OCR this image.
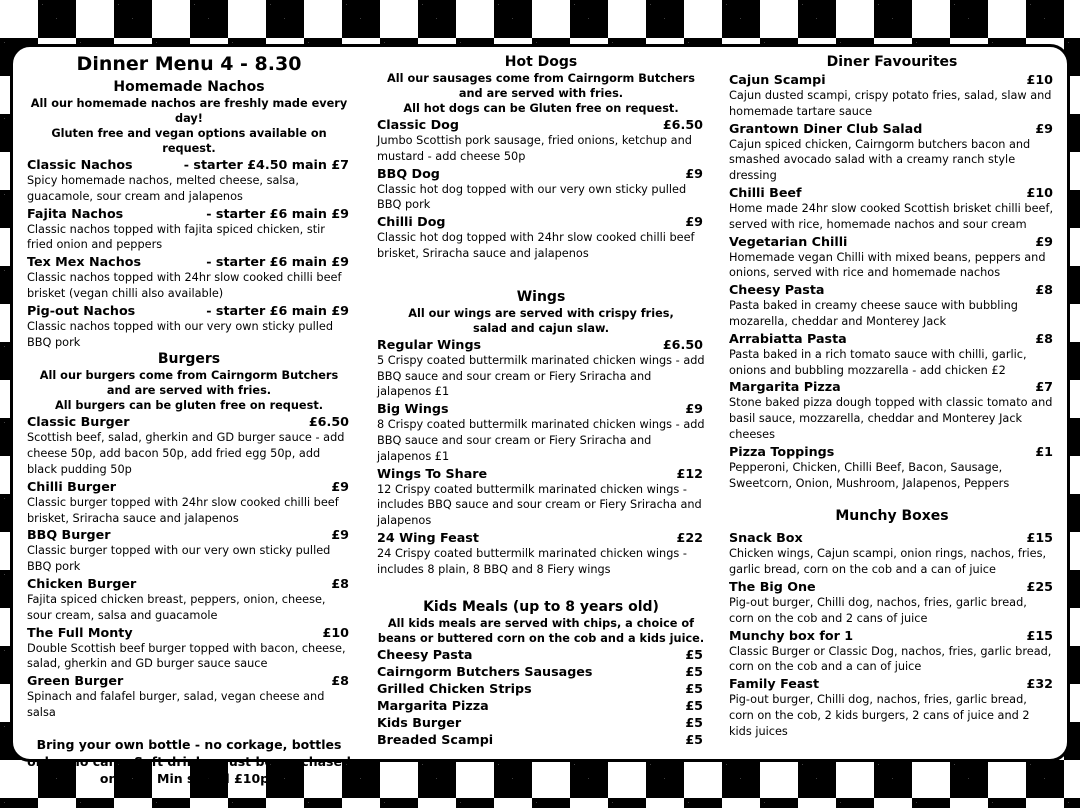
Dinner Menu 4 - 8.30
Homemade Nachos
All our homemade nachos are freshly made every day!
Gluten free and vegan options available on request.
Classic Nachos	- starter £4.50 main £7
Spicy homemade nachos, melted cheese, salsa, guacamole, sour cream and jalapenos
Fajita Nachos	- starter £6 main £9
Classic nachos topped with fajita spiced chicken, stir fried onion and peppers
Tex Mex Nachos	- starter £6 main £9
Classic nachos topped with 24hr slow cooked chilli beef brisket (vegan chilli also available)
Pig-out Nachos	- starter £6 main £9
Classic nachos topped with our very own sticky pulled BBQ pork
Burgers
All our burgers come from Cairngorm Butchers
and are served with fries.
All burgers can be gluten free on request.
Classic Burger	£6.50
Scottish beef, salad, gherkin and GD burger sauce - add cheese 50p, add bacon 50p, add fried egg 50p, add black pudding 50p
Chilli Burger	£9
Classic burger topped with 24hr slow cooked chilli beef brisket, Sriracha sauce and jalapenos
BBQ Burger	£9
Classic burger topped with our very own sticky pulled BBQ pork
Chicken Burger	£8
Fajita spiced chicken breast, peppers, onion, cheese, sour cream, salsa and guacamole
The Full Monty	£10
Double Scottish beef burger topped with bacon, cheese, salad, gherkin and GD burger sauce sauce
Green Burger	£8
Spinach and falafel burger, salad, vegan cheese and salsa
Bring your own bottle - no corkage, bottles only - no cans. Soft drinks must be purchased on site. Min spend £10pp
Hot Dogs
All our sausages come from Cairngorm Butchers
and are served with fries.
All hot dogs can be Gluten free on request.
Classic Dog	£6.50
Jumbo Scottish pork sausage, fried onions, ketchup and mustard - add cheese 50p
BBQ Dog	£9
Classic hot dog topped with our very own sticky pulled BBQ pork
Chilli Dog	£9
Classic hot dog topped with 24hr slow cooked chilli beef brisket, Sriracha sauce and jalapenos
Wings
All our wings are served with crispy fries,
salad and cajun slaw.
Regular Wings	£6.50
5 Crispy coated buttermilk marinated chicken wings - add BBQ sauce and sour cream or Fiery Sriracha and jalapenos £1
Big Wings	£9
8 Crispy coated buttermilk marinated chicken wings - add BBQ sauce and sour cream or Fiery Sriracha and jalapenos £1
Wings To Share	£12
12 Crispy coated buttermilk marinated chicken wings - includes BBQ sauce and sour cream or Fiery Sriracha and jalapenos
24 Wing Feast	£22
24 Crispy coated buttermilk marinated chicken wings - includes 8 plain, 8 BBQ and 8 Fiery wings
Kids Meals (up to 8 years old)
All kids meals are served with chips, a choice of
beans or buttered corn on the cob and a kids juice.
Cheesy Pasta	£5
Cairngorm Butchers Sausages	£5
Grilled Chicken Strips	£5
Margarita Pizza	£5
Kids Burger	£5
Breaded Scampi	£5
Diner Favourites
Cajun Scampi	£10
Cajun dusted scampi, crispy potato fries, salad, slaw and homemade tartare sauce
Grantown Diner Club Salad	£9
Cajun spiced chicken, Cairngorm butchers bacon and smashed avocado salad with a creamy ranch style dressing
Chilli Beef	£10
Home made 24hr slow cooked Scottish brisket chilli beef, served with rice, homemade nachos and sour cream
Vegetarian Chilli	£9
Homemade vegan Chilli with mixed beans, peppers and onions, served with rice and homemade nachos
Cheesy Pasta	£8
Pasta baked in creamy cheese sauce with bubbling mozarella, cheddar and Monterey Jack
Arrabiatta Pasta	£8
Pasta baked in a rich tomato sauce with chilli, garlic, onions and bubbling mozzarella - add chicken £2
Margarita Pizza	£7
Stone baked pizza dough topped with classic tomato and basil sauce, mozzarella, cheddar and Monterey Jack cheeses
Pizza Toppings	£1
Pepperoni, Chicken, Chilli Beef, Bacon, Sausage, Sweetcorn, Onion, Mushroom, Jalapenos, Peppers
Munchy Boxes
Snack Box	£15
Chicken wings, Cajun scampi, onion rings, nachos, fries, garlic bread, corn on the cob and a can of juice
The Big One	£25
Pig-out burger, Chilli dog, nachos, fries, garlic bread, corn on the cob and 2 cans of juice
Munchy box for 1	£15
Classic Burger or Classic Dog, nachos, fries, garlic bread, corn on the cob and a can of juice
Family Feast	£32
Pig-out burger, Chilli dog, nachos, fries, garlic bread, corn on the cob, 2 kids burgers, 2 cans of juice and 2 kids juices
